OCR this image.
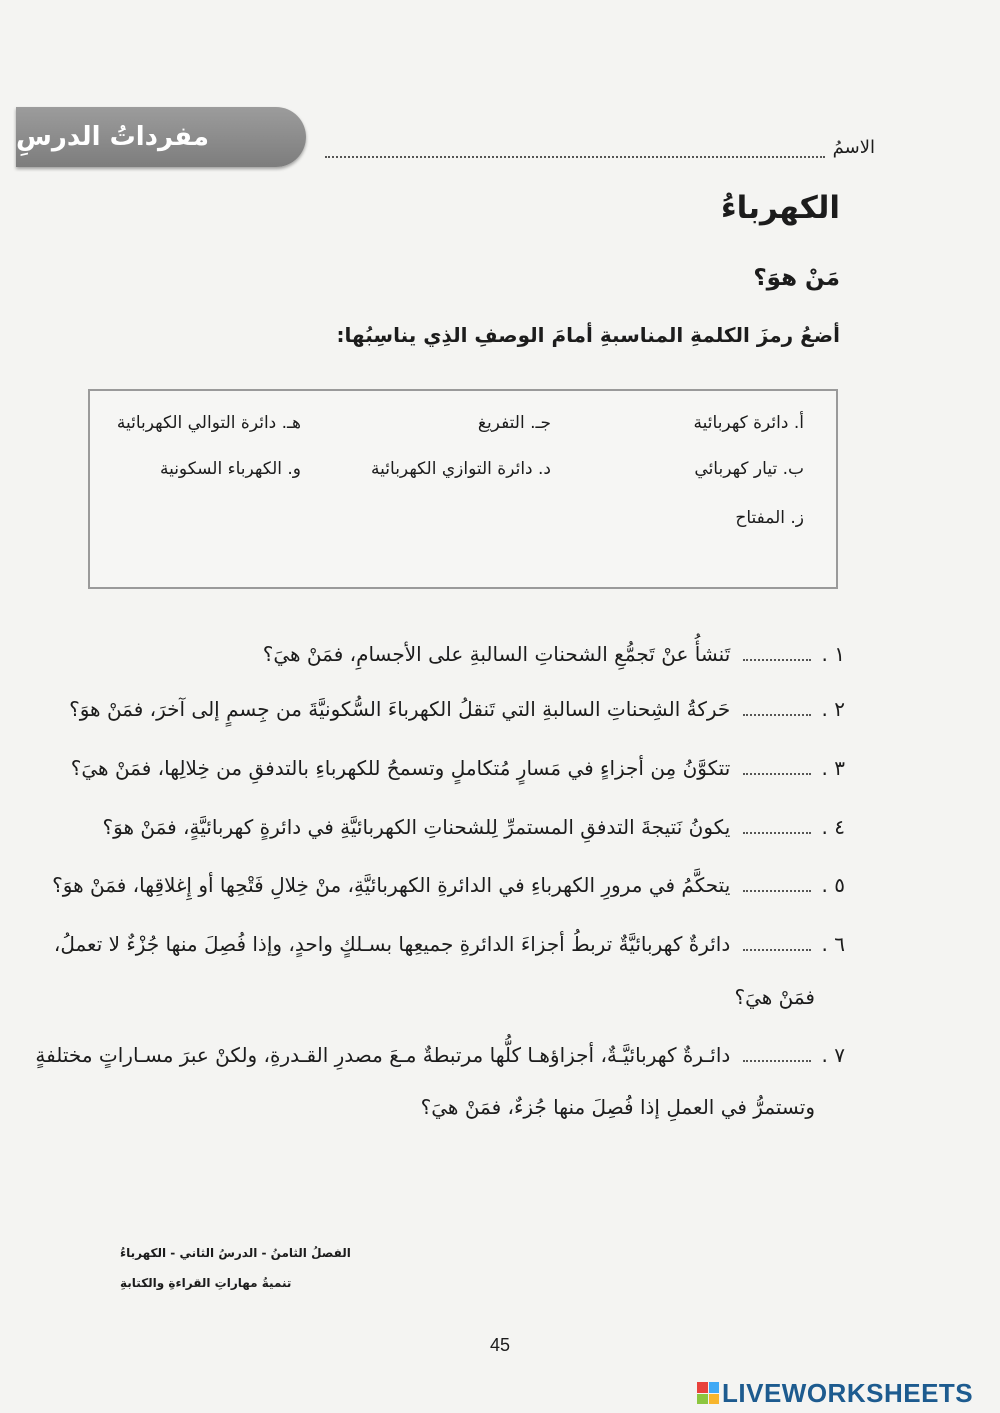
مفرداتُ الدرسِ	الاسمُ
الكهرباءُ
مَنْ هوَ؟
أضعُ رمزَ الكلمةِ المناسبةِ أمامَ الوصفِ الذِي يناسِبُها:
أ. دائرة كهربائية
جـ. التفريغ
هـ. دائرة التوالي الكهربائية
ب. تيار كهربائي
د. دائرة التوازي الكهربائية
و. الكهرباء السكونية
ز. المفتاح
١ .  تَنشأُ عنْ تَجمُّعِ الشحناتِ السالبةِ على الأجسامِ، فمَنْ هيَ؟
٢ .  حَركةُ الشِحناتِ السالبةِ التي تَنقلُ الكهرباءَ السُّكونيَّةَ من جِسمٍ إلى آخرَ، فمَنْ هوَ؟
٣ .  تتكوَّنُ مِن أجزاءٍ في مَسارٍ مُتكاملٍ وتسمحُ للكهرباءِ بالتدفقِ من خِلالِها، فمَنْ هيَ؟
٤ .  يكونُ نَتيجةَ التدفقِ المستمرِّ لِلشحناتِ الكهربائيَّةِ في دائرةٍ كهربائيَّةٍ، فمَنْ هوَ؟
٥ .  يتحكَّمُ في مرورِ الكهرباءِ في الدائرةِ الكهربائيَّةِ، منْ خِلالِ فَتْحِها أو إِغلاقِها، فمَنْ هوَ؟
٦ .  دائرةٌ كهربائيَّةٌ تربطُ أجزاءَ الدائرةِ جميعِها بسـلكٍ واحدٍ، وإذا فُصِلَ منها جُزْءٌ لا تعملُ،
فمَنْ هيَ؟
٧ .  دائـرةٌ كهربائيَّـةٌ، أجزاؤهـا كلُّها مرتبطةٌ مـعَ مصدرِ القـدرةِ، ولكنْ عبرَ مسـاراتٍ مختلفةٍ
وتستمرُّ في العملِ إذا فُصِلَ منها جُزءٌ، فمَنْ هيَ؟
الفصلُ الثامنُ - الدرسُ الثاني - الكهرباءُ
تنميةُ مهاراتِ القراءةِ والكتابةِ
45
LIVEWORKSHEETS
